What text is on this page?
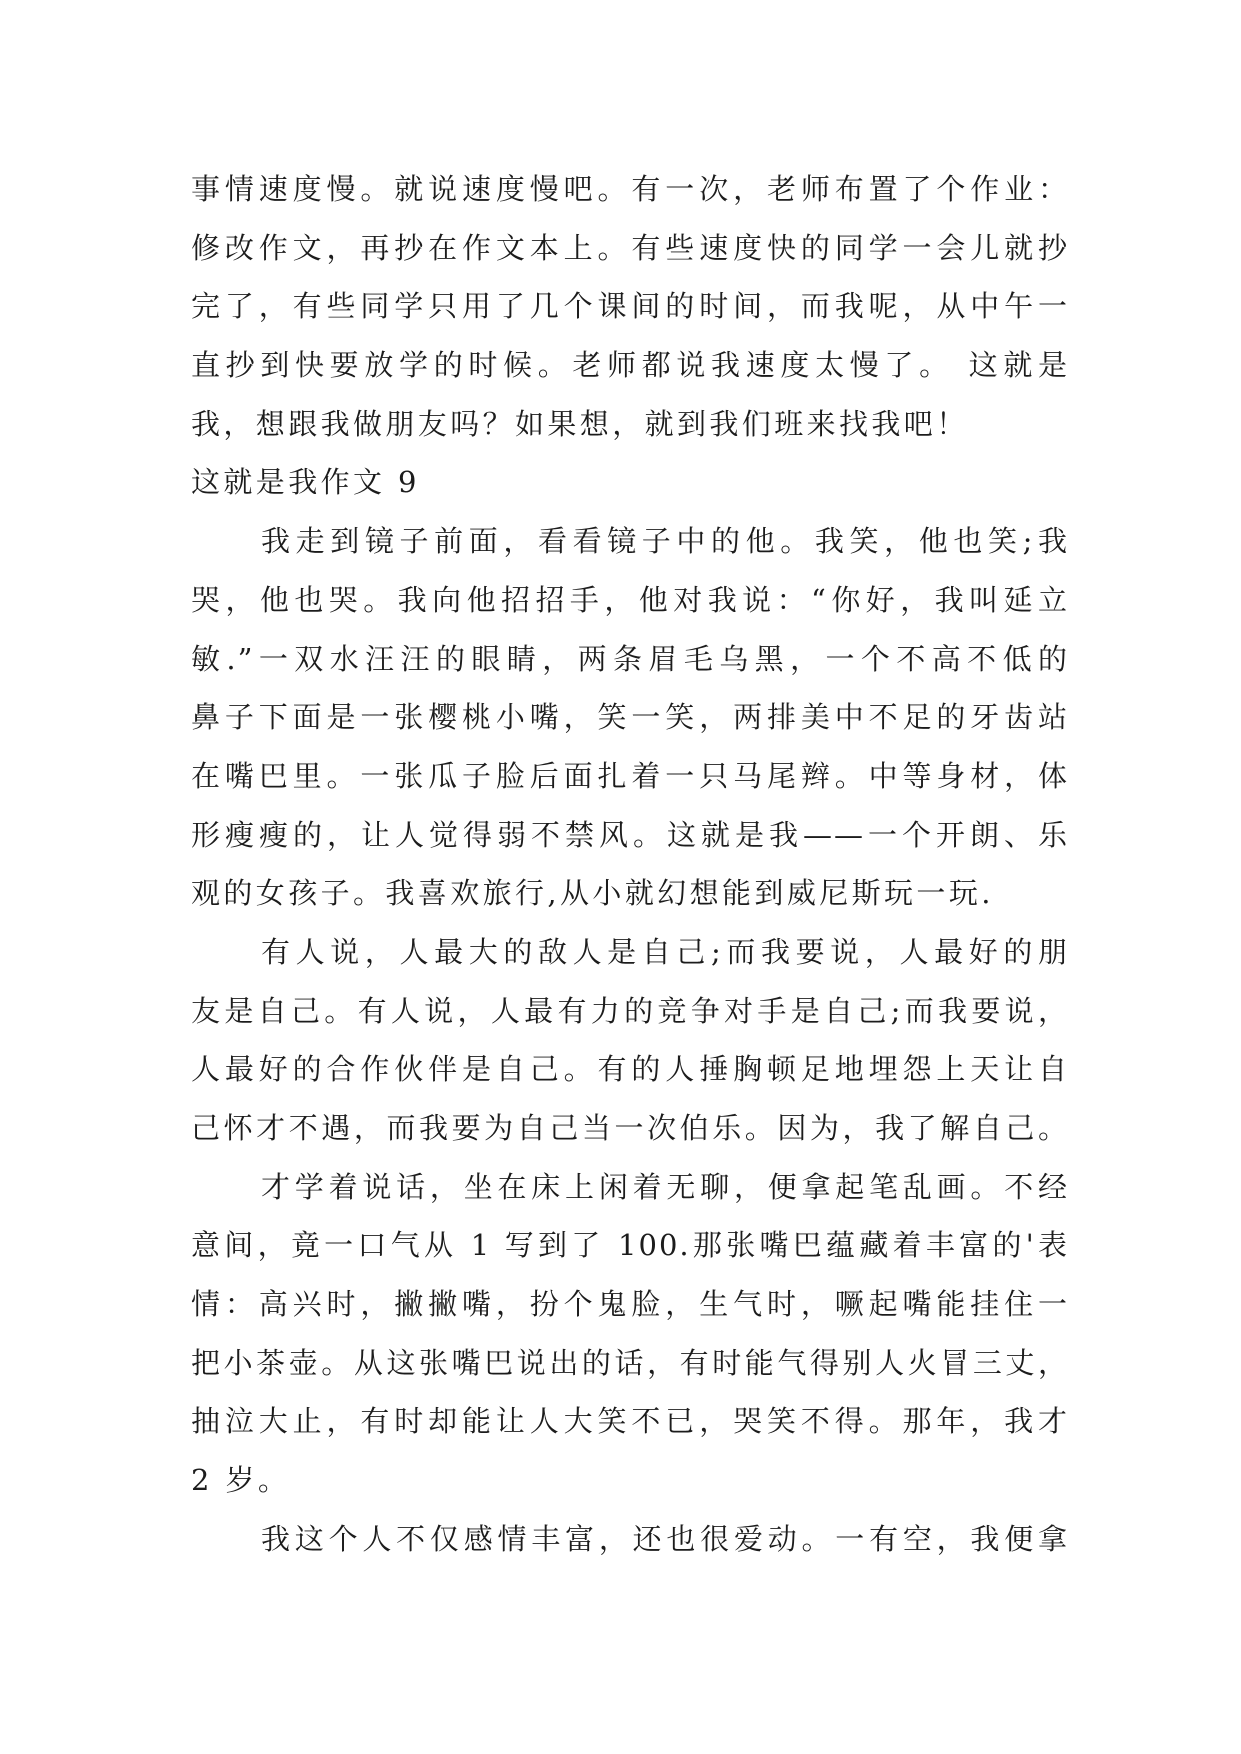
事情速度慢。就说速度慢吧。有一次，老师布置了个作业：
修改作文，再抄在作文本上。有些速度快的同学一会儿就抄
完了，有些同学只用了几个课间的时间，而我呢，从中午一
直抄到快要放学的时候。老师都说我速度太慢了。 这就是
我，想跟我做朋友吗？如果想，就到我们班来找我吧！
这就是我作文 9
我走到镜子前面，看看镜子中的他。我笑，他也笑;我
哭，他也哭。我向他招招手，他对我说：“你好，我叫延立
敏.”一双水汪汪的眼睛，两条眉毛乌黑，一个不高不低的
鼻子下面是一张樱桃小嘴，笑一笑，两排美中不足的牙齿站
在嘴巴里。一张瓜子脸后面扎着一只马尾辫。中等身材，体
形瘦瘦的，让人觉得弱不禁风。这就是我——一个开朗、乐
观的女孩子。我喜欢旅行,从小就幻想能到威尼斯玩一玩.
有人说，人最大的敌人是自己;而我要说，人最好的朋
友是自己。有人说，人最有力的竞争对手是自己;而我要说，
人最好的合作伙伴是自己。有的人捶胸顿足地埋怨上天让自
己怀才不遇，而我要为自己当一次伯乐。因为，我了解自己。
才学着说话，坐在床上闲着无聊，便拿起笔乱画。不经
意间，竟一口气从 1 写到了 100.那张嘴巴蕴藏着丰富的'表
情：高兴时，撇撇嘴，扮个鬼脸，生气时，噘起嘴能挂住一
把小茶壶。从这张嘴巴说出的话，有时能气得别人火冒三丈，
抽泣大止，有时却能让人大笑不已，哭笑不得。那年，我才
2 岁。
我这个人不仅感情丰富，还也很爱动。一有空，我便拿
